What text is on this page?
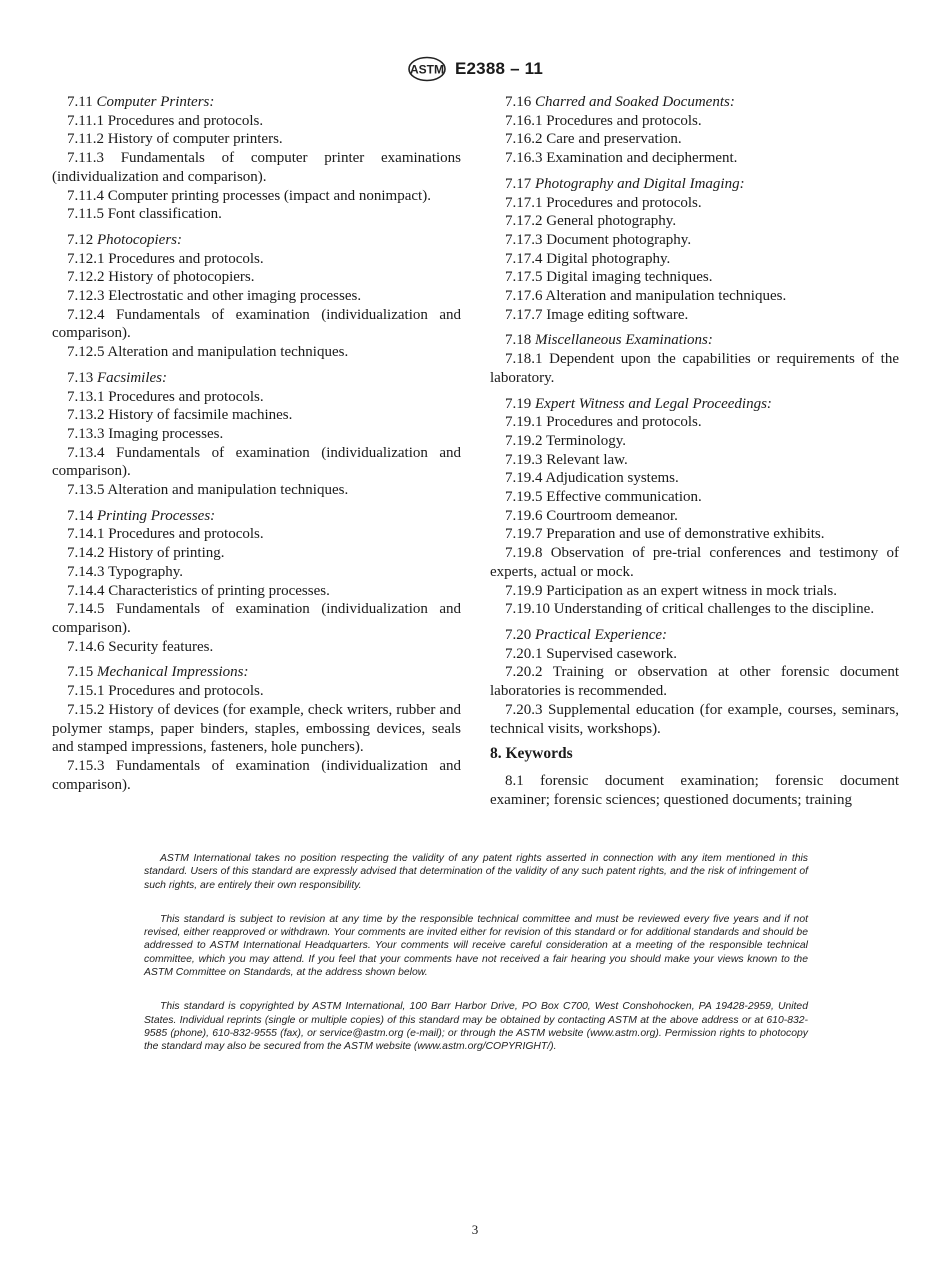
ASTM E2388 – 11
7.11 Computer Printers:
7.11.1 Procedures and protocols.
7.11.2 History of computer printers.
7.11.3 Fundamentals of computer printer examinations (individualization and comparison).
7.11.4 Computer printing processes (impact and nonimpact).
7.11.5 Font classification.
7.12 Photocopiers:
7.12.1 Procedures and protocols.
7.12.2 History of photocopiers.
7.12.3 Electrostatic and other imaging processes.
7.12.4 Fundamentals of examination (individualization and comparison).
7.12.5 Alteration and manipulation techniques.
7.13 Facsimiles:
7.13.1 Procedures and protocols.
7.13.2 History of facsimile machines.
7.13.3 Imaging processes.
7.13.4 Fundamentals of examination (individualization and comparison).
7.13.5 Alteration and manipulation techniques.
7.14 Printing Processes:
7.14.1 Procedures and protocols.
7.14.2 History of printing.
7.14.3 Typography.
7.14.4 Characteristics of printing processes.
7.14.5 Fundamentals of examination (individualization and comparison).
7.14.6 Security features.
7.15 Mechanical Impressions:
7.15.1 Procedures and protocols.
7.15.2 History of devices (for example, check writers, rubber and polymer stamps, paper binders, staples, embossing devices, seals and stamped impressions, fasteners, hole punchers).
7.15.3 Fundamentals of examination (individualization and comparison).
7.16 Charred and Soaked Documents:
7.16.1 Procedures and protocols.
7.16.2 Care and preservation.
7.16.3 Examination and decipherment.
7.17 Photography and Digital Imaging:
7.17.1 Procedures and protocols.
7.17.2 General photography.
7.17.3 Document photography.
7.17.4 Digital photography.
7.17.5 Digital imaging techniques.
7.17.6 Alteration and manipulation techniques.
7.17.7 Image editing software.
7.18 Miscellaneous Examinations:
7.18.1 Dependent upon the capabilities or requirements of the laboratory.
7.19 Expert Witness and Legal Proceedings:
7.19.1 Procedures and protocols.
7.19.2 Terminology.
7.19.3 Relevant law.
7.19.4 Adjudication systems.
7.19.5 Effective communication.
7.19.6 Courtroom demeanor.
7.19.7 Preparation and use of demonstrative exhibits.
7.19.8 Observation of pre-trial conferences and testimony of experts, actual or mock.
7.19.9 Participation as an expert witness in mock trials.
7.19.10 Understanding of critical challenges to the discipline.
7.20 Practical Experience:
7.20.1 Supervised casework.
7.20.2 Training or observation at other forensic document laboratories is recommended.
7.20.3 Supplemental education (for example, courses, seminars, technical visits, workshops).
8. Keywords
8.1 forensic document examination; forensic document examiner; forensic sciences; questioned documents; training

ASTM International takes no position respecting the validity of any patent rights asserted in connection with any item mentioned in this standard. Users of this standard are expressly advised that determination of the validity of any such patent rights, and the risk of infringement of such rights, are entirely their own responsibility.

This standard is subject to revision at any time by the responsible technical committee and must be reviewed every five years and if not revised, either reapproved or withdrawn. Your comments are invited either for revision of this standard or for additional standards and should be addressed to ASTM International Headquarters. Your comments will receive careful consideration at a meeting of the responsible technical committee, which you may attend. If you feel that your comments have not received a fair hearing you should make your views known to the ASTM Committee on Standards, at the address shown below.

This standard is copyrighted by ASTM International, 100 Barr Harbor Drive, PO Box C700, West Conshohocken, PA 19428-2959, United States. Individual reprints (single or multiple copies) of this standard may be obtained by contacting ASTM at the above address or at 610-832-9585 (phone), 610-832-9555 (fax), or service@astm.org (e-mail); or through the ASTM website (www.astm.org). Permission rights to photocopy the standard may also be secured from the ASTM website (www.astm.org/COPYRIGHT/).

3
